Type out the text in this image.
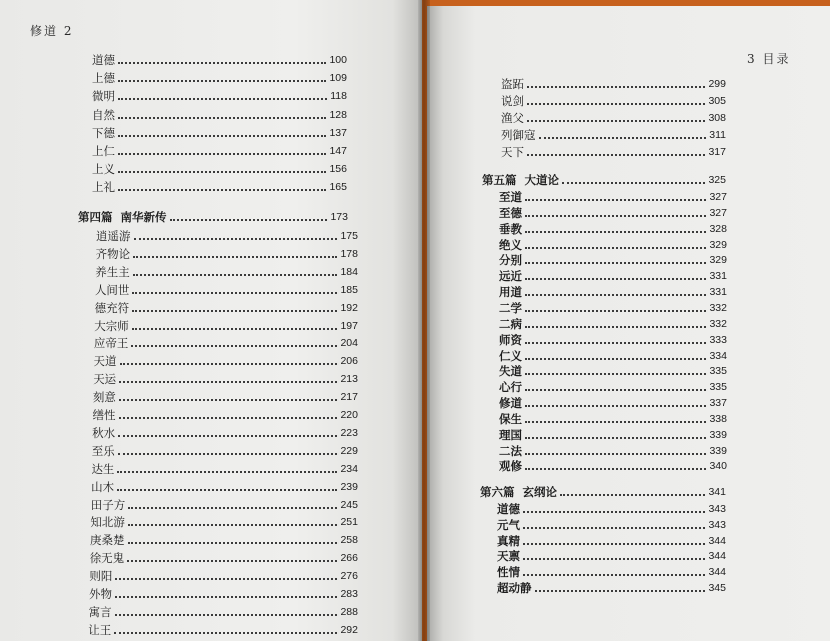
修道 2
道德	100
上德	109
微明	118
自然	128
下德	137
上仁	147
上义	156
上礼	165
第四篇 南华新传	173
逍遥游	175
齐物论	178
养生主	184
人间世	185
德充符	192
大宗师	197
应帝王	204
天道	206
天运	213
刻意	217
缮性	220
秋水	223
至乐	229
达生	234
山木	239
田子方	245
知北游	251
庚桑楚	258
徐无鬼	266
则阳	276
外物	283
寓言	288
让王	292
3 目录
盗跖	299
说剑	305
渔父	308
列御寇	311
天下	317
第五篇 大道论	325
至道	327
至德	327
垂教	328
绝义	329
分别	329
远近	331
用道	331
二学	332
二病	332
师资	333
仁义	334
失道	335
心行	335
修道	337
保生	338
理国	339
二法	339
观修	340
第六篇 玄纲论	341
道德	343
元气	343
真精	344
天禀	344
性情	344
超动静	345
